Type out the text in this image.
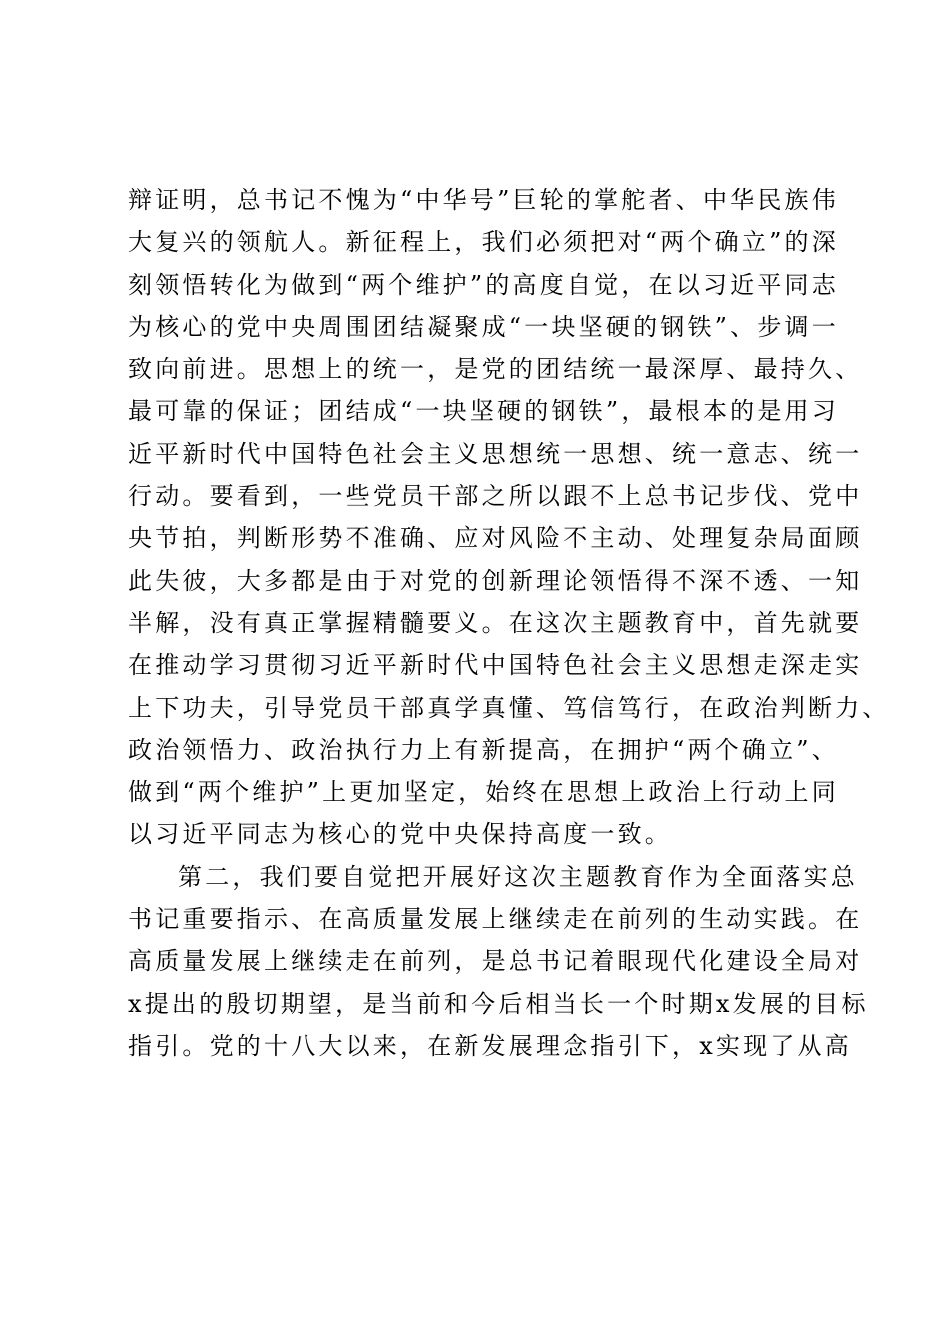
辩证明，总书记不愧为“中华号”巨轮的掌舵者、中华民族伟
大复兴的领航人。新征程上，我们必须把对“两个确立”的深
刻领悟转化为做到“两个维护”的高度自觉，在以习近平同志
为核心的党中央周围团结凝聚成“一块坚硬的钢铁”、步调一
致向前进。思想上的统一，是党的团结统一最深厚、最持久、
最可靠的保证；团结成“一块坚硬的钢铁”，最根本的是用习
近平新时代中国特色社会主义思想统一思想、统一意志、统一
行动。要看到，一些党员干部之所以跟不上总书记步伐、党中
央节拍，判断形势不准确、应对风险不主动、处理复杂局面顾
此失彼，大多都是由于对党的创新理论领悟得不深不透、一知
半解，没有真正掌握精髓要义。在这次主题教育中，首先就要
在推动学习贯彻习近平新时代中国特色社会主义思想走深走实
上下功夫，引导党员干部真学真懂、笃信笃行，在政治判断力、
政治领悟力、政治执行力上有新提高，在拥护“两个确立”、
做到“两个维护”上更加坚定，始终在思想上政治上行动上同
以习近平同志为核心的党中央保持高度一致。
第二，我们要自觉把开展好这次主题教育作为全面落实总
书记重要指示、在高质量发展上继续走在前列的生动实践。在
高质量发展上继续走在前列，是总书记着眼现代化建设全局对
x提出的殷切期望，是当前和今后相当长一个时期x发展的目标
指引。党的十八大以来，在新发展理念指引下，x实现了从高
